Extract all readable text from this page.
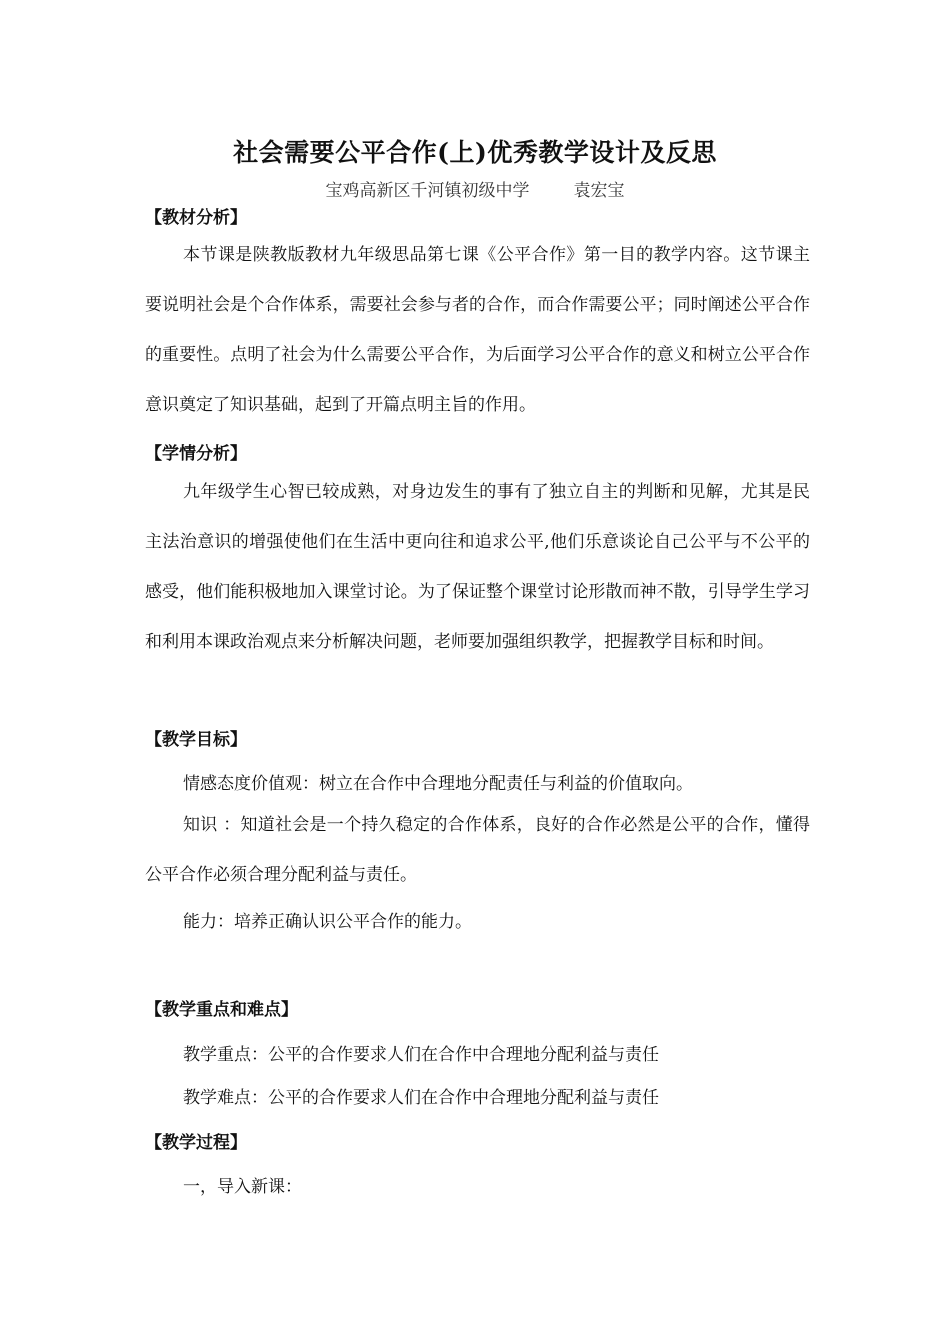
社会需要公平合作(上)优秀教学设计及反思
宝鸡高新区千河镇初级中学	袁宏宝
【教材分析】

本节课是陕教版教材九年级思品第七课《公平合作》第一目的教学内容。这节课主要说明社会是个合作体系，需要社会参与者的合作，而合作需要公平；同时阐述公平合作的重要性。点明了社会为什么需要公平合作，为后面学习公平合作的意义和树立公平合作意识奠定了知识基础，起到了开篇点明主旨的作用。

【学情分析】

九年级学生心智已较成熟，对身边发生的事有了独立自主的判断和见解，尤其是民主法治意识的增强使他们在生活中更向往和追求公平,他们乐意谈论自己公平与不公平的感受，他们能积极地加入课堂讨论。为了保证整个课堂讨论形散而神不散，引导学生学习和利用本课政治观点来分析解决问题，老师要加强组织教学，把握教学目标和时间。

【教学目标】
情感态度价值观：树立在合作中合理地分配责任与利益的价值取向。

知识 ：知道社会是一个持久稳定的合作体系，良好的合作必然是公平的合作，懂得公平合作必须合理分配利益与责任。

能力：培养正确认识公平合作的能力。
【教学重点和难点】
教学重点：公平的合作要求人们在合作中合理地分配利益与责任
教学难点：公平的合作要求人们在合作中合理地分配利益与责任
【教学过程】
一，导入新课：
